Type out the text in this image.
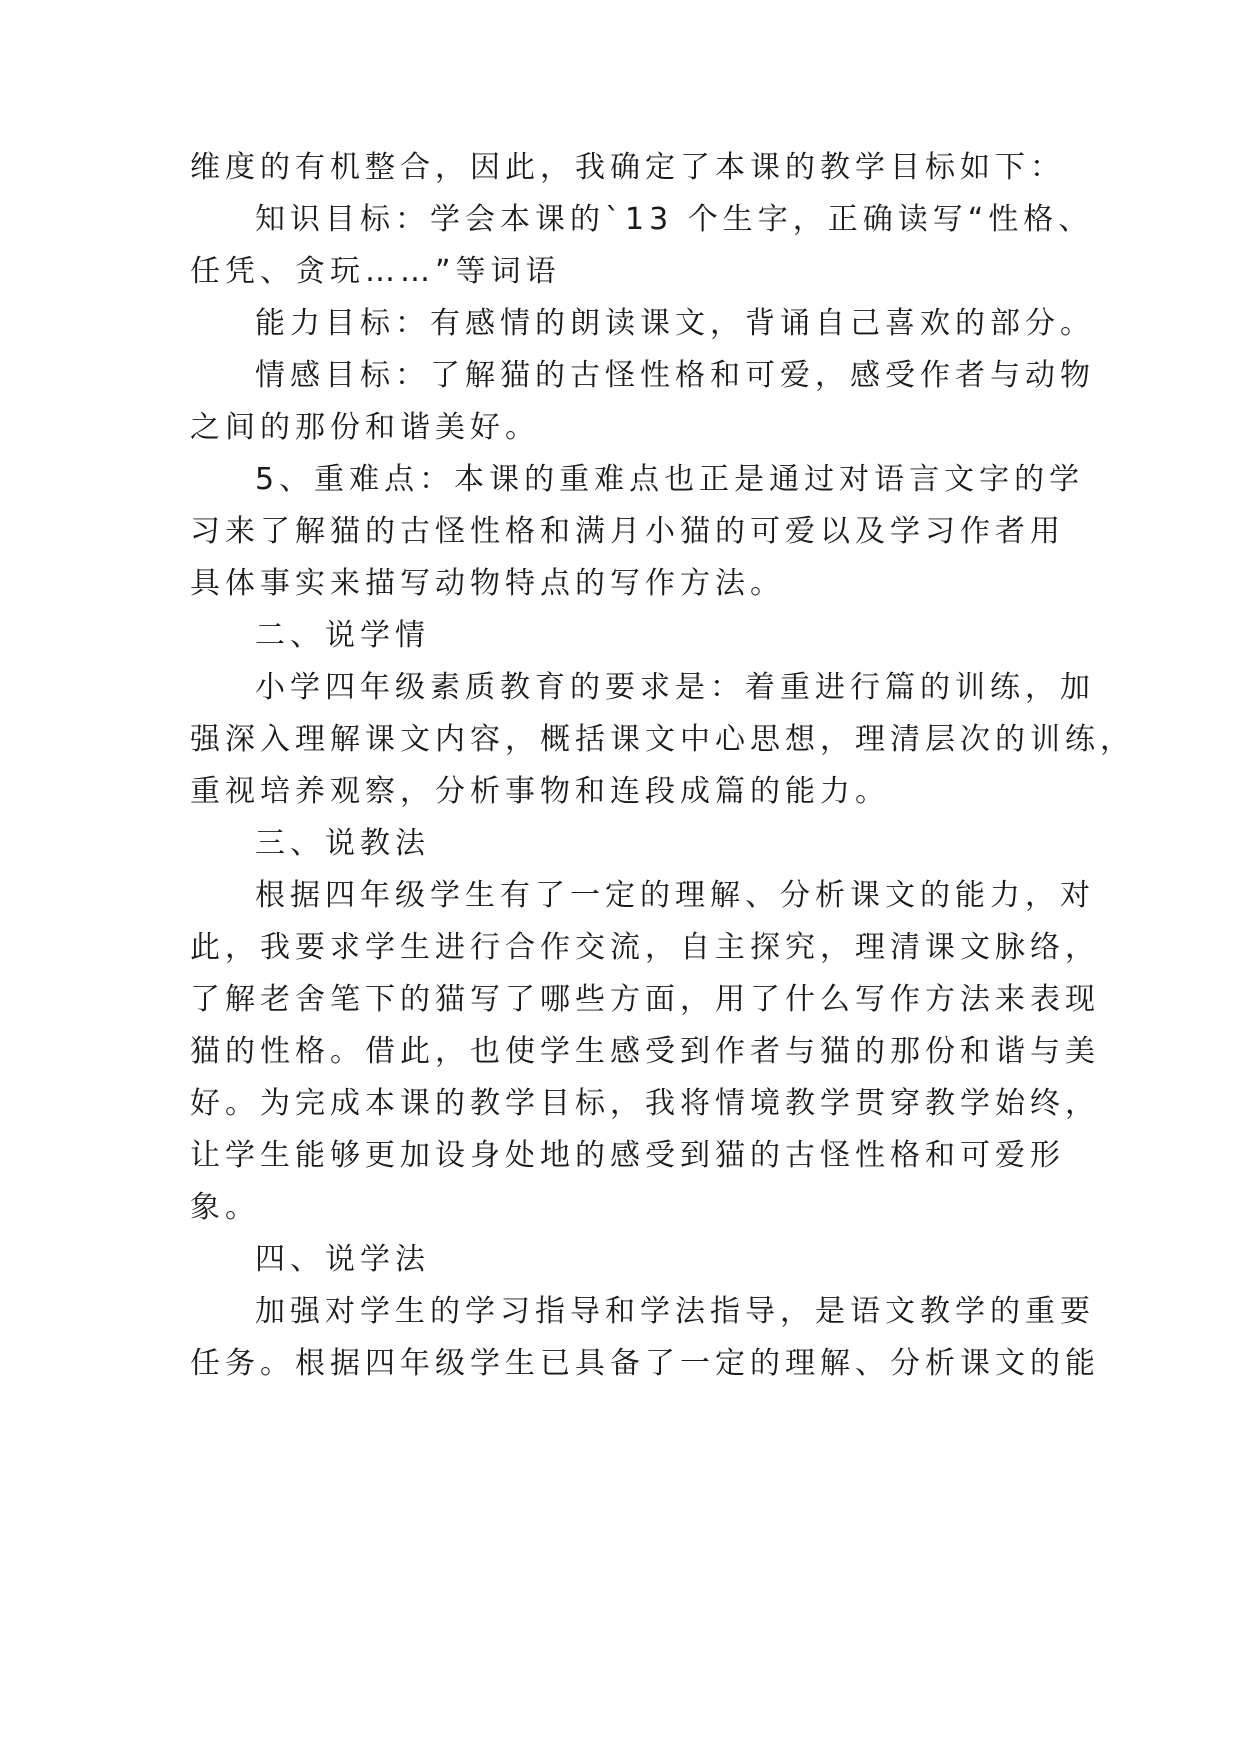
维度的有机整合，因此，我确定了本课的教学目标如下：
知识目标：学会本课的`13 个生字，正确读写“性格、
任凭、贪玩……”等词语
能力目标：有感情的朗读课文，背诵自己喜欢的部分。
情感目标：了解猫的古怪性格和可爱，感受作者与动物
之间的那份和谐美好。
5、重难点：本课的重难点也正是通过对语言文字的学
习来了解猫的古怪性格和满月小猫的可爱以及学习作者用
具体事实来描写动物特点的写作方法。
二、说学情
小学四年级素质教育的要求是：着重进行篇的训练，加
强深入理解课文内容，概括课文中心思想，理清层次的训练，
重视培养观察，分析事物和连段成篇的能力。
三、说教法
根据四年级学生有了一定的理解、分析课文的能力，对
此，我要求学生进行合作交流，自主探究，理清课文脉络，
了解老舍笔下的猫写了哪些方面，用了什么写作方法来表现
猫的性格。借此，也使学生感受到作者与猫的那份和谐与美
好。为完成本课的教学目标，我将情境教学贯穿教学始终，
让学生能够更加设身处地的感受到猫的古怪性格和可爱形
象。
四、说学法
加强对学生的学习指导和学法指导，是语文教学的重要
任务。根据四年级学生已具备了一定的理解、分析课文的能
